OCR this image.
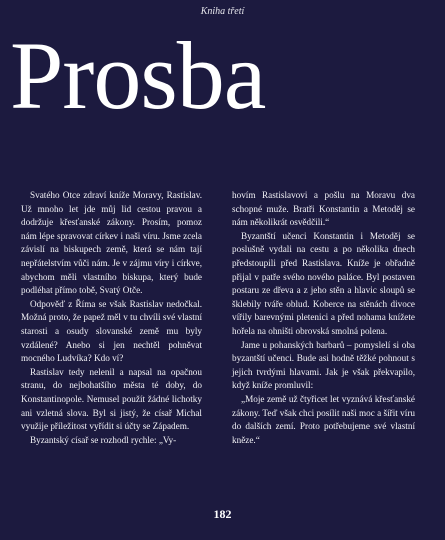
Kniha třetí
Prosba

Svatého Otce zdraví kníže Moravy, Rastislav. Už mnoho let jde můj lid cestou pravou a dodržuje křesťanské zákony. Prosím, pomoz nám lépe spravovat církev i naši víru. Jsme zcela závislí na biskupech země, která se nám tají nepřátelstvím vůči nám. Je v zájmu víry i církve, abychom měli vlastního biskupa, který bude podléhat přímo tobě, Svatý Otče.

Odpověď z Říma se však Rastislav nedočkal. Možná proto, že papež měl v tu chvíli své vlastní starosti a osudy slovanské země mu byly vzdálené? Anebo si jen nechtěl pohněvat mocného Ludvíka? Kdo ví?

Rastislav tedy nelenil a napsal na opačnou stranu, do nejbohatšího města té doby, do Konstantinopole. Nemusel použít žádné lichotky ani vzletná slova. Byl si jistý, že císař Michal využije příležitost vyřídit si účty se Západem.

Byzantský císař se rozhodl rychle: „Vy-

hovím Rastislavovi a pošlu na Moravu dva schopné muže. Bratři Konstantin a Metoděj se nám několikrát osvědčili.“

Byzantští učenci Konstantin i Metoděj se poslušně vydali na cestu a po několika dnech předstoupili před Rastislava. Kníže je obřadně přijal v patře svého nového paláce. Byl postaven postaru ze dřeva a z jeho stěn a hlavic sloupů se šklebily tváře oblud. Koberce na stěnách divoce vířily barevnými pletenici a před nohama knížete hořela na ohništi obrovská smolná polena.

Jame u pohanských barbarů – pomyslelí si oba byzantští učenci. Bude asi hodně těžké pohnout s jejich tvrdými hlavami. Jak je však překvapilo, když kníže promluvil:

„Moje země už čtyřicet let vyznává křesťanské zákony. Teď však chci posílit naši moc a šířit víru do dalších zemí. Proto potřebujeme své vlastní kněze.“

182
